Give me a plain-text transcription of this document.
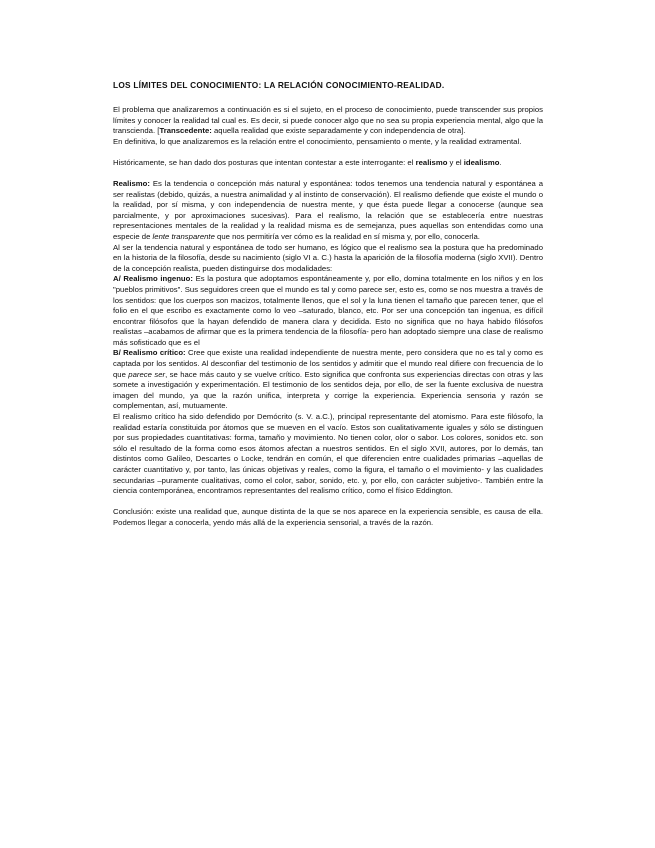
LOS LÍMITES DEL CONOCIMIENTO: LA RELACIÓN CONOCIMIENTO-REALIDAD.

El problema que analizaremos a continuación es si el sujeto, en el proceso de conocimiento, puede transcender sus propios límites y conocer la realidad tal cual es. Es decir, si puede conocer algo que no sea su propia experiencia mental, algo que la transcienda. [Transcedente: aquella realidad que existe separadamente y con independencia de otra].

En definitiva, lo que analizaremos es la relación entre el conocimiento, pensamiento o mente, y la realidad extramental.

Históricamente, se han dado dos posturas que intentan contestar a este interrogante: el realismo y el idealismo.

Realismo: Es la tendencia o concepción más natural y espontánea: todos tenemos una tendencia natural y espontánea a ser realistas (debido, quizás, a nuestra animalidad y al instinto de conservación). El realismo defiende que existe el mundo o la realidad, por sí misma, y con independencia de nuestra mente, y que ésta puede llegar a conocerse (aunque sea parcialmente, y por aproximaciones sucesivas). Para el realismo, la relación que se establecería entre nuestras representaciones mentales de la realidad y la realidad misma es de semejanza, pues aquellas son entendidas como una especie de lente transparente que nos permitiría ver cómo es la realidad en sí misma y, por ello, conocerla.

Al ser la tendencia natural y espontánea de todo ser humano, es lógico que el realismo sea la postura que ha predominado en la historia de la filosofía, desde su nacimiento (siglo VI a. C.) hasta la aparición de la filosofía moderna (siglo XVII). Dentro de la concepción realista, pueden distinguirse dos modalidades:

A/ Realismo ingenuo: Es la postura que adoptamos espontáneamente y, por ello, domina totalmente en los niños y en los "pueblos primitivos". Sus seguidores creen que el mundo es tal y como parece ser, esto es, como se nos muestra a través de los sentidos: que los cuerpos son macizos, totalmente llenos, que el sol y la luna tienen el tamaño que parecen tener, que el folio en el que escribo es exactamente como lo veo –saturado, blanco, etc. Por ser una concepción tan ingenua, es difícil encontrar filósofos que la hayan defendido de manera clara y decidida. Esto no significa que no haya habido filósofos realistas –acabamos de afirmar que es la primera tendencia de la filosofía- pero han adoptado siempre una clase de realismo más sofisticado que es el

B/ Realismo crítico: Cree que existe una realidad independiente de nuestra mente, pero considera que no es tal y como es captada por los sentidos. Al desconfiar del testimonio de los sentidos y admitir que el mundo real difiere con frecuencia de lo que parece ser, se hace más cauto y se vuelve crítico. Esto significa que confronta sus experiencias directas con otras y las somete a investigación y experimentación. El testimonio de los sentidos deja, por ello, de ser la fuente exclusiva de nuestra imagen del mundo, ya que la razón unifica, interpreta y corrige la experiencia. Experiencia sensoria y razón se complementan, así, mutuamente.

El realismo crítico ha sido defendido por Demócrito (s. V. a.C.), principal representante del atomismo. Para este filósofo, la realidad estaría constituida por átomos que se mueven en el vacío. Estos son cualitativamente iguales y sólo se distinguen por sus propiedades cuantitativas: forma, tamaño y movimiento. No tienen color, olor o sabor. Los colores, sonidos etc. son sólo el resultado de la forma como esos átomos afectan a nuestros sentidos. En el siglo XVII, autores, por lo demás, tan distintos como Galileo, Descartes o Locke, tendrán en común, el que diferencien entre cualidades primarias –aquellas de carácter cuantitativo y, por tanto, las únicas objetivas y reales, como la figura, el tamaño o el movimiento- y las cualidades secundarias –puramente cualitativas, como el color, sabor, sonido, etc. y, por ello, con carácter subjetivo-. También entre la ciencia contemporánea, encontramos representantes del realismo crítico, como el físico Eddington.

Conclusión: existe una realidad que, aunque distinta de la que se nos aparece en la experiencia sensible, es causa de ella. Podemos llegar a conocerla, yendo más allá de la experiencia sensorial, a través de la razón.
